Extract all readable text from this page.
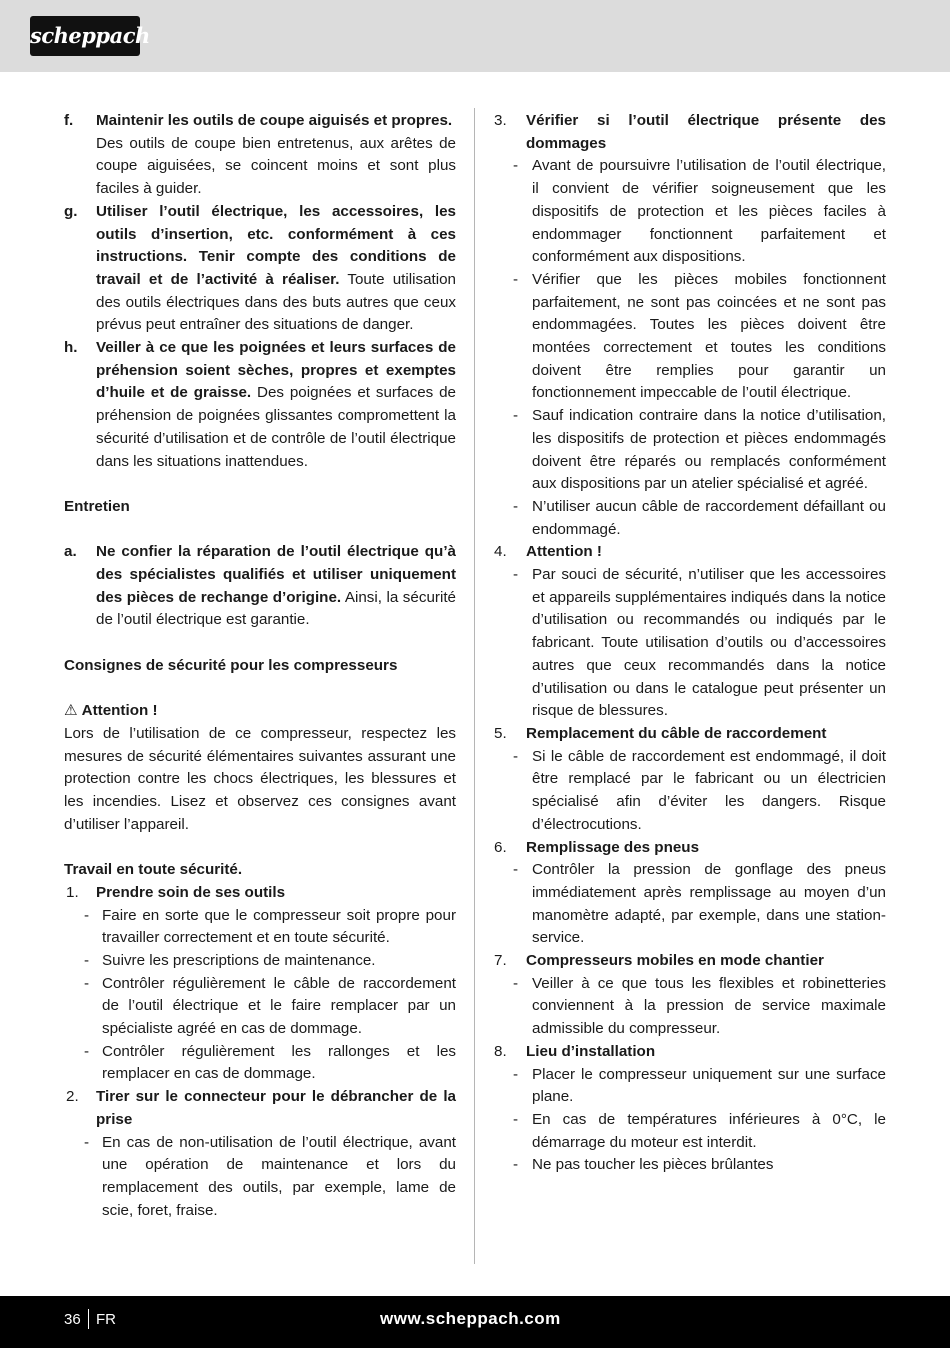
scheppach
f. Maintenir les outils de coupe aiguisés et propres.
Des outils de coupe bien entretenus, aux arêtes de coupe aiguisées, se coincent moins et sont plus faciles à guider.
g. Utiliser l’outil électrique, les accessoires, les outils d’insertion, etc. conformément à ces instructions. Tenir compte des conditions de travail et de l’activité à réaliser. Toute utilisation des outils électriques dans des buts autres que ceux prévus peut entraîner des situations de danger.
h. Veiller à ce que les poignées et leurs surfaces de préhension soient sèches, propres et exemptes d’huile et de graisse. Des poignées et surfaces de préhension de poignées glissantes compromettent la sécurité d’utilisation et de contrôle de l’outil électrique dans les situations inattendues.
Entretien
a. Ne confier la réparation de l’outil électrique qu’à des spécialistes qualifiés et utiliser uniquement des pièces de rechange d’origine. Ainsi, la sécurité de l’outil électrique est garantie.
Consignes de sécurité pour les compresseurs
⚠ Attention !
Lors de l’utilisation de ce compresseur, respectez les mesures de sécurité élémentaires suivantes assurant une protection contre les chocs électriques, les blessures et les incendies. Lisez et observez ces consignes avant d’utiliser l’appareil.
Travail en toute sécurité.
1. Prendre soin de ses outils
- Faire en sorte que le compresseur soit propre pour travailler correctement et en toute sécurité.
- Suivre les prescriptions de maintenance.
- Contrôler régulièrement le câble de raccordement de l’outil électrique et le faire remplacer par un spécialiste agréé en cas de dommage.
- Contrôler régulièrement les rallonges et les remplacer en cas de dommage.
2. Tirer sur le connecteur pour le débrancher de la prise
- En cas de non-utilisation de l’outil électrique, avant une opération de maintenance et lors du remplacement des outils, par exemple, lame de scie, foret, fraise.
3. Vérifier si l’outil électrique présente des dommages
- Avant de poursuivre l’utilisation de l’outil électrique, il convient de vérifier soigneusement que les dispositifs de protection et les pièces faciles à endommager fonctionnent parfaitement et conformément aux dispositions.
- Vérifier que les pièces mobiles fonctionnent parfaitement, ne sont pas coincées et ne sont pas endommagées. Toutes les pièces doivent être montées correctement et toutes les conditions doivent être remplies pour garantir un fonctionnement impeccable de l’outil électrique.
- Sauf indication contraire dans la notice d’utilisation, les dispositifs de protection et pièces endommagés doivent être réparés ou remplacés conformément aux dispositions par un atelier spécialisé et agréé.
- N’utiliser aucun câble de raccordement défaillant ou endommagé.
4. Attention !
- Par souci de sécurité, n’utiliser que les accessoires et appareils supplémentaires indiqués dans la notice d’utilisation ou recommandés ou indiqués par le fabricant. Toute utilisation d’outils ou d’accessoires autres que ceux recommandés dans la notice d’utilisation ou dans le catalogue peut présenter un risque de blessures.
5. Remplacement du câble de raccordement
- Si le câble de raccordement est endommagé, il doit être remplacé par le fabricant ou un électricien spécialisé afin d’éviter les dangers. Risque d’électrocutions.
6. Remplissage des pneus
- Contrôler la pression de gonflage des pneus immédiatement après remplissage au moyen d’un manomètre adapté, par exemple, dans une station-service.
7. Compresseurs mobiles en mode chantier
- Veiller à ce que tous les flexibles et robinetteries conviennent à la pression de service maximale admissible du compresseur.
8. Lieu d’installation
- Placer le compresseur uniquement sur une surface plane.
- En cas de températures inférieures à 0°C, le démarrage du moteur est interdit.
- Ne pas toucher les pièces brûlantes
36 FR	www.scheppach.com
